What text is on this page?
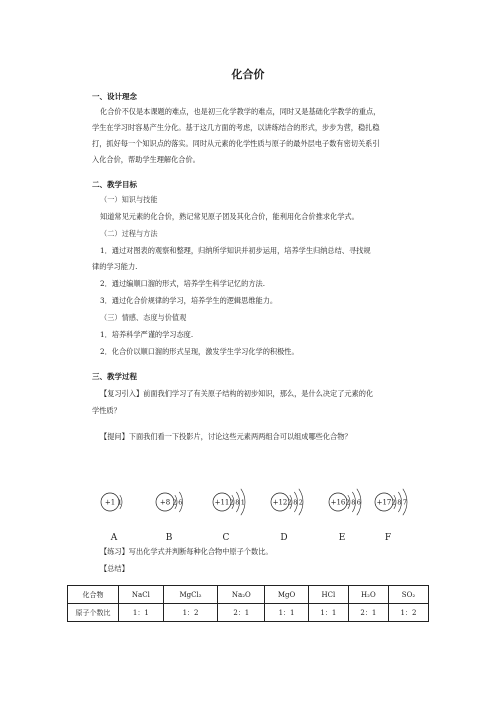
化合价
一、设计理念
化合价不仅是本课题的难点，也是初三化学教学的难点，同时又是基础化学教学的重点，
学生在学习时容易产生分化。基于这几方面的考虑，以讲练结合的形式，步步为营，稳扎稳
打，抓好每一个知识点的落实。同时从元素的化学性质与原子的最外层电子数有密切关系引
入化合价，帮助学生理解化合价。
二、教学目标
（一）知识与技能
知道常见元素的化合价，熟记常见原子团及其化合价，能利用化合价推求化学式。
（二）过程与方法
1．通过对图表的观察和整理，归纳所学知识并初步运用，培养学生归纳总结、寻找规
律的学习能力.
2．通过编顺口溜的形式，培养学生科学记忆的方法.
3．通过化合价规律的学习，培养学生的逻辑思维能力。
（三）情感、态度与价值观
1．培养科学严谨的学习态度.
2．化合价以顺口溜的形式呈现，激发学生学习化学的积极性。
三、教学过程
【复习引入】前面我们学习了有关原子结构的初步知识，那么，是什么决定了元素的化
学性质？
【提问】下面我们看一下投影片，讨论这些元素两两组合可以组成哪些化合物？
+1 1
A
+8 2 6
B
+11 2 8 1
C
+12 2 8 2
D
+16 2 8 6
E
+17 2 8 7
F
【练习】写出化学式并判断每种化合物中原子个数比。
【总结】
化合物	NaCl	MgCl₂	Na₂O	MgO	HCl	H₂O	SO₂
原子个数比	1：1	1：2	2：1	1：1	1：1	2：1	1：2
